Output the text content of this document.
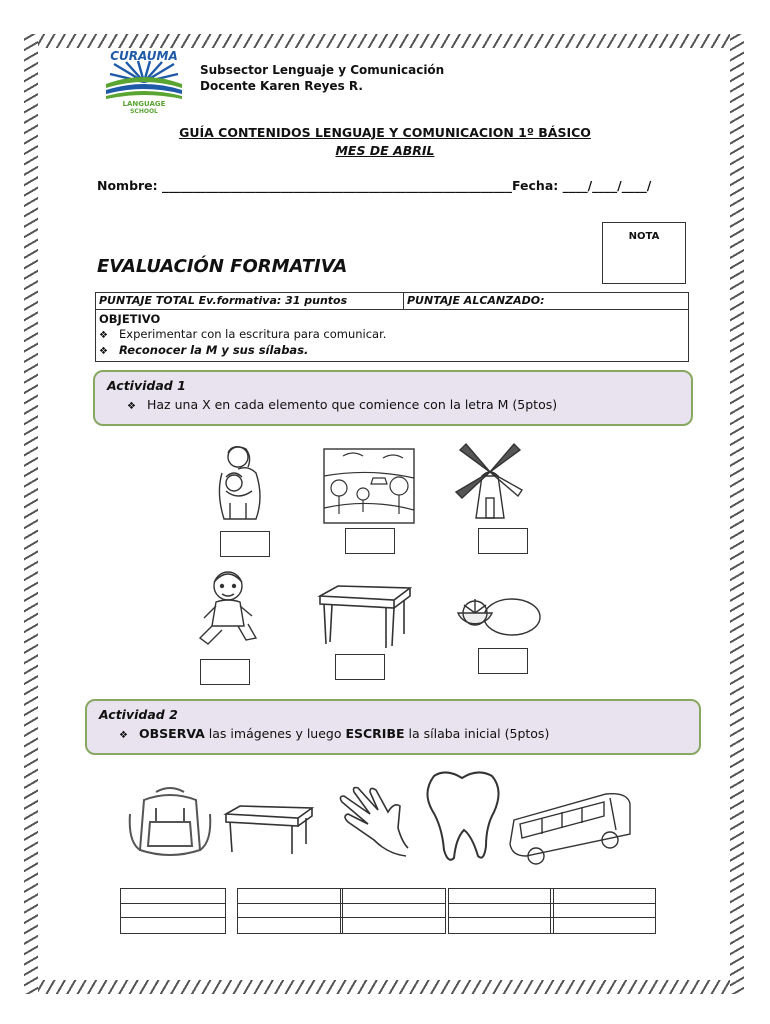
CURAUMA
LANGUAGE
SCHOOL
Subsector Lenguaje y Comunicación
Docente Karen Reyes R.
GUÍA CONTENIDOS LENGUAJE Y COMUNICACION 1º BÁSICO
MES DE ABRIL
Nombre: ________________________________________________________Fecha: ____/____/____/
NOTA
EVALUACIÓN FORMATIVA
PUNTAJE TOTAL Ev.formativa: 31 puntos	PUNTAJE ALCANZADO:
OBJETIVO
❖ Experimentar con la escritura para comunicar.
❖ Reconocer la M y sus sílabas.
Actividad 1
❖ Haz una X en cada elemento que comience con la letra M (5ptos)
Actividad 2
❖ OBSERVA las imágenes y luego ESCRIBE la sílaba inicial (5ptos)
